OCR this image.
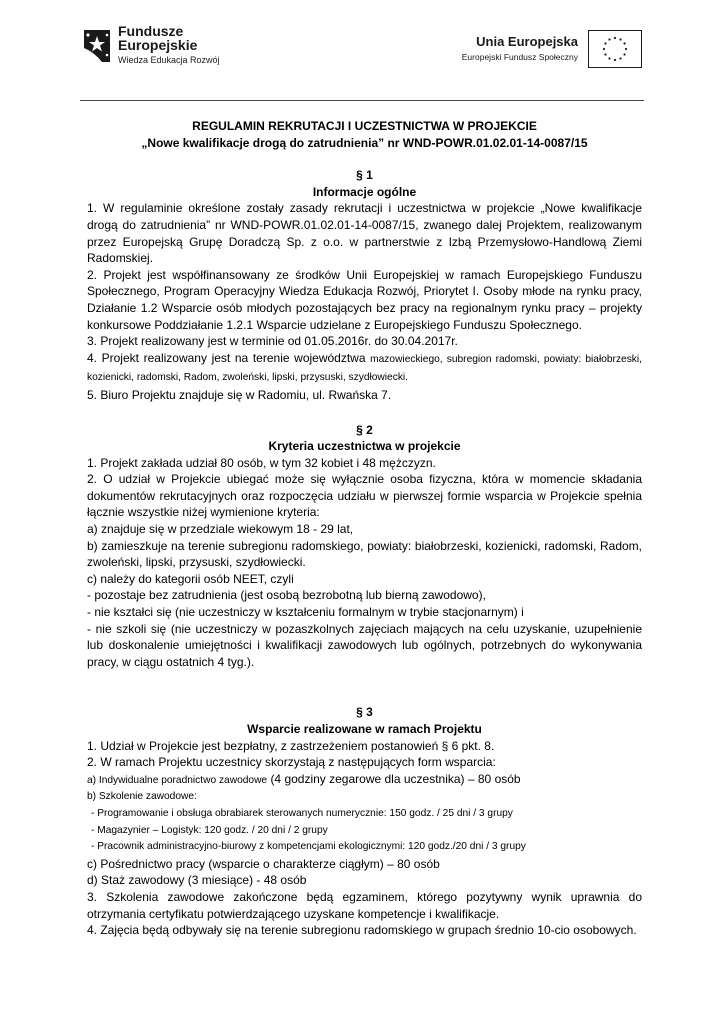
Fundusze
Europejskie
Wiedza Edukacja Rozwój
Unia Europejska
Europejski Fundusz Społeczny
REGULAMIN REKRUTACJI I UCZESTNICTWA W PROJEKCIE
„Nowe kwalifikacje drogą do zatrudnienia” nr WND-POWR.01.02.01-14-0087/15
§ 1
Informacje ogólne
1. W regulaminie określone zostały zasady rekrutacji i uczestnictwa w projekcie „Nowe kwalifikacje drogą do zatrudnienia” nr WND-POWR.01.02.01-14-0087/15, zwanego dalej Projektem, realizowanym przez Europejską Grupę Doradczą Sp. z o.o. w partnerstwie z Izbą Przemysłowo-Handlową Ziemi Radomskiej.
2. Projekt jest współfinansowany ze środków Unii Europejskiej w ramach Europejskiego Funduszu Społecznego, Program Operacyjny Wiedza Edukacja Rozwój, Priorytet I. Osoby młode na rynku pracy, Działanie 1.2 Wsparcie osób młodych pozostających bez pracy na regionalnym rynku pracy – projekty konkursowe Poddziałanie 1.2.1 Wsparcie udzielane z Europejskiego Funduszu Społecznego.
3. Projekt realizowany jest w terminie od 01.05.2016r. do 30.04.2017r.
4. Projekt realizowany jest na terenie województwa mazowieckiego, subregion radomski, powiaty: białobrzeski, kozienicki, radomski, Radom, zwoleński, lipski, przysuski, szydłowiecki.
5. Biuro Projektu znajduje się w Radomiu, ul. Rwańska 7.
§ 2
Kryteria uczestnictwa w projekcie
1. Projekt zakłada udział 80 osób, w tym 32 kobiet i 48 mężczyzn.
2. O udział w Projekcie ubiegać może się wyłącznie osoba fizyczna, która w momencie składania dokumentów rekrutacyjnych oraz rozpoczęcia udziału w pierwszej formie wsparcia w Projekcie spełnia łącznie wszystkie niżej wymienione kryteria:
a) znajduje się w przedziale wiekowym 18 - 29 lat,
b) zamieszkuje na terenie subregionu radomskiego, powiaty: białobrzeski, kozienicki, radomski, Radom, zwoleński, lipski, przysuski, szydłowiecki.
c) należy do kategorii osób NEET, czyli
- pozostaje bez zatrudnienia (jest osobą bezrobotną lub bierną zawodowo),
- nie kształci się (nie uczestniczy w kształceniu formalnym w trybie stacjonarnym) i
- nie szkoli się (nie uczestniczy w pozaszkolnych zajęciach mających na celu uzyskanie, uzupełnienie lub doskonalenie umiejętności i kwalifikacji zawodowych lub ogólnych, potrzebnych do wykonywania pracy, w ciągu ostatnich 4 tyg.).
§ 3
Wsparcie realizowane w ramach Projektu
1. Udział w Projekcie jest bezpłatny, z zastrzeżeniem postanowień § 6 pkt. 8.
2. W ramach Projektu uczestnicy skorzystają z następujących form wsparcia:
a) Indywidualne poradnictwo zawodowe (4 godziny zegarowe dla uczestnika) – 80 osób
b) Szkolenie zawodowe:
- Programowanie i obsługa obrabiarek sterowanych numerycznie: 150 godz. / 25 dni / 3 grupy
- Magazynier – Logistyk: 120 godz. / 20 dni / 2 grupy
- Pracownik administracyjno-biurowy z kompetencjami ekologicznymi: 120 godz./20 dni / 3 grupy
c) Pośrednictwo pracy (wsparcie o charakterze ciągłym) – 80 osób
d) Staż zawodowy (3 miesiące) - 48 osób
3. Szkolenia zawodowe zakończone będą egzaminem, którego pozytywny wynik uprawnia do otrzymania certyfikatu potwierdzającego uzyskane kompetencje i kwalifikacje.
4. Zajęcia będą odbywały się na terenie subregionu radomskiego w grupach średnio 10-cio osobowych.
